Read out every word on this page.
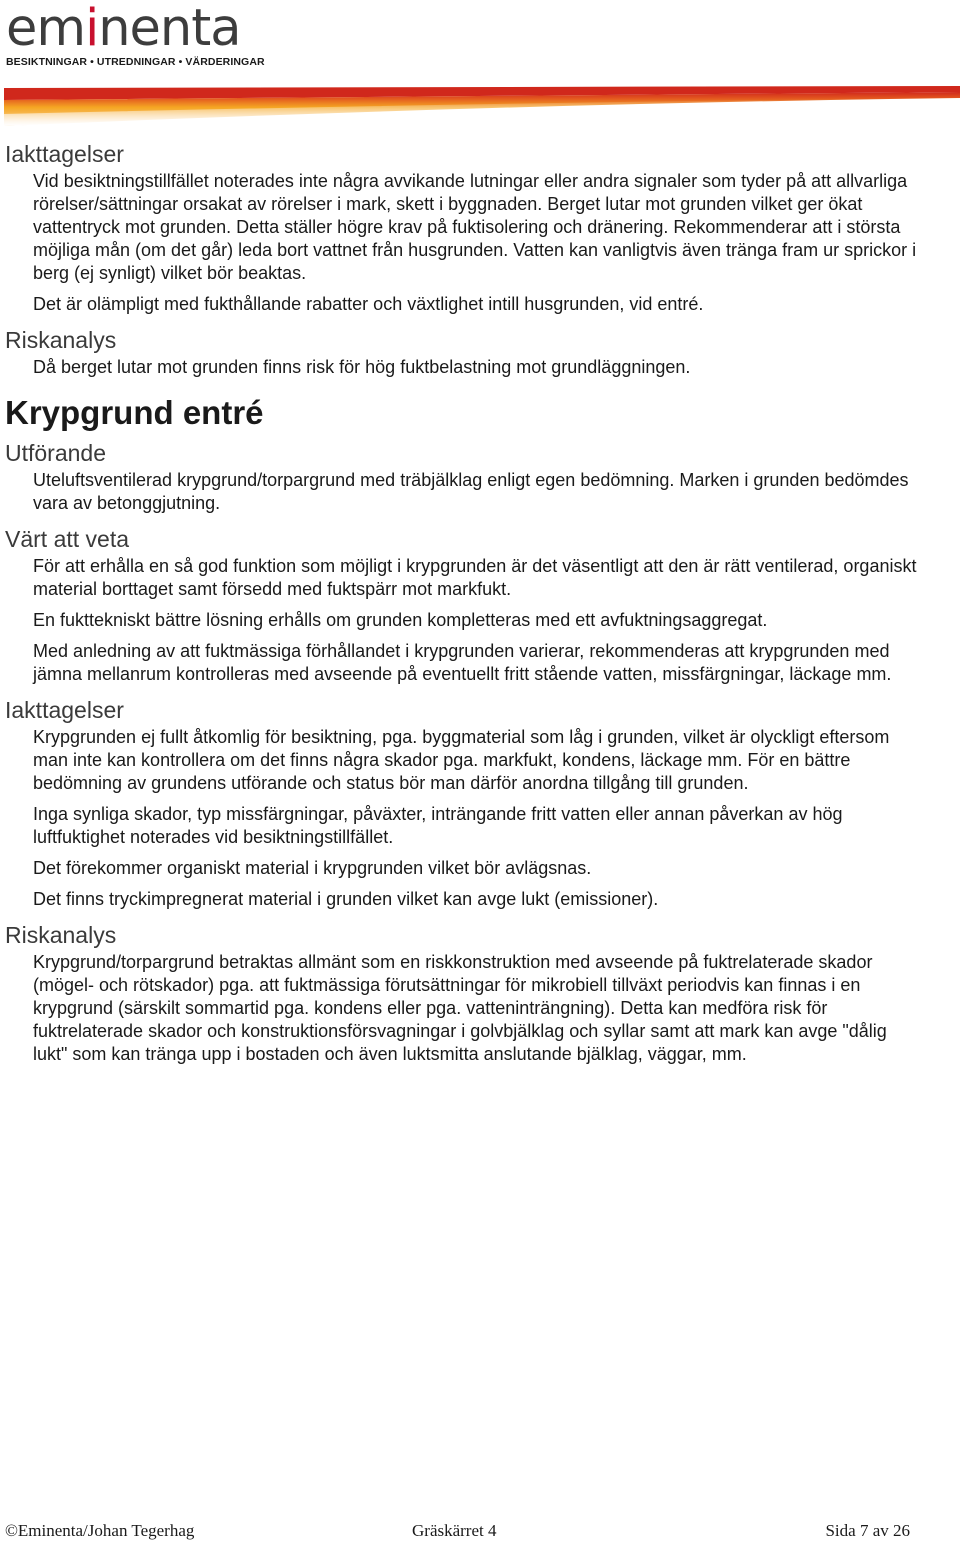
eminenta
BESIKTNINGAR • UTREDNINGAR • VÄRDERINGAR
Iakttagelser

Vid besiktningstillfället noterades inte några avvikande lutningar eller andra signaler som tyder på att allvarliga rörelser/sättningar orsakat av rörelser i mark, skett i byggnaden. Berget lutar mot grunden vilket ger ökat vattentryck mot grunden. Detta ställer högre krav på fuktisolering och dränering. Rekommenderar att i största möjliga mån (om det går) leda bort vattnet från husgrunden. Vatten kan vanligtvis även tränga fram ur sprickor i berg (ej synligt) vilket bör beaktas.

Det är olämpligt med fukthållande rabatter och växtlighet intill husgrunden, vid entré.

Riskanalys

Då berget lutar mot grunden finns risk för hög fuktbelastning mot grundläggningen.

Krypgrund entré
Utförande

Uteluftsventilerad krypgrund/torpargrund med träbjälklag enligt egen bedömning. Marken i grunden bedömdes vara av betonggjutning.

Värt att veta

För att erhålla en så god funktion som möjligt i krypgrunden är det väsentligt att den är rätt ventilerad, organiskt material borttaget samt försedd med fuktspärr mot markfukt.

En fukttekniskt bättre lösning erhålls om grunden kompletteras med ett avfuktningsaggregat.

Med anledning av att fuktmässiga förhållandet i krypgrunden varierar, rekommenderas att krypgrunden med jämna mellanrum kontrolleras med avseende på eventuellt fritt stående vatten, missfärgningar, läckage mm.

Iakttagelser

Krypgrunden ej fullt åtkomlig för besiktning, pga. byggmaterial som låg i grunden, vilket är olyckligt eftersom man inte kan kontrollera om det finns några skador pga. markfukt, kondens, läckage mm. För en bättre bedömning av grundens utförande och status bör man därför anordna tillgång till grunden.

Inga synliga skador, typ missfärgningar, påväxter, inträngande fritt vatten eller annan påverkan av hög luftfuktighet noterades vid besiktningstillfället.

Det förekommer organiskt material i krypgrunden vilket bör avlägsnas.

Det finns tryckimpregnerat material i grunden vilket kan avge lukt (emissioner).

Riskanalys

Krypgrund/torpargrund betraktas allmänt som en riskkonstruktion med avseende på fuktrelaterade skador (mögel- och rötskador) pga. att fuktmässiga förutsättningar för mikrobiell tillväxt periodvis kan finnas i en krypgrund (särskilt sommartid pga. kondens eller pga. vatteninträngning). Detta kan medföra risk för fuktrelaterade skador och konstruktionsförsvagningar i golvbjälklag och syllar samt att mark kan avge "dålig lukt" som kan tränga upp i bostaden och även luktsmitta anslutande bjälklag, väggar, mm.

©Eminenta/Johan Tegerhag	Gräskärret 4	Sida 7 av 26
